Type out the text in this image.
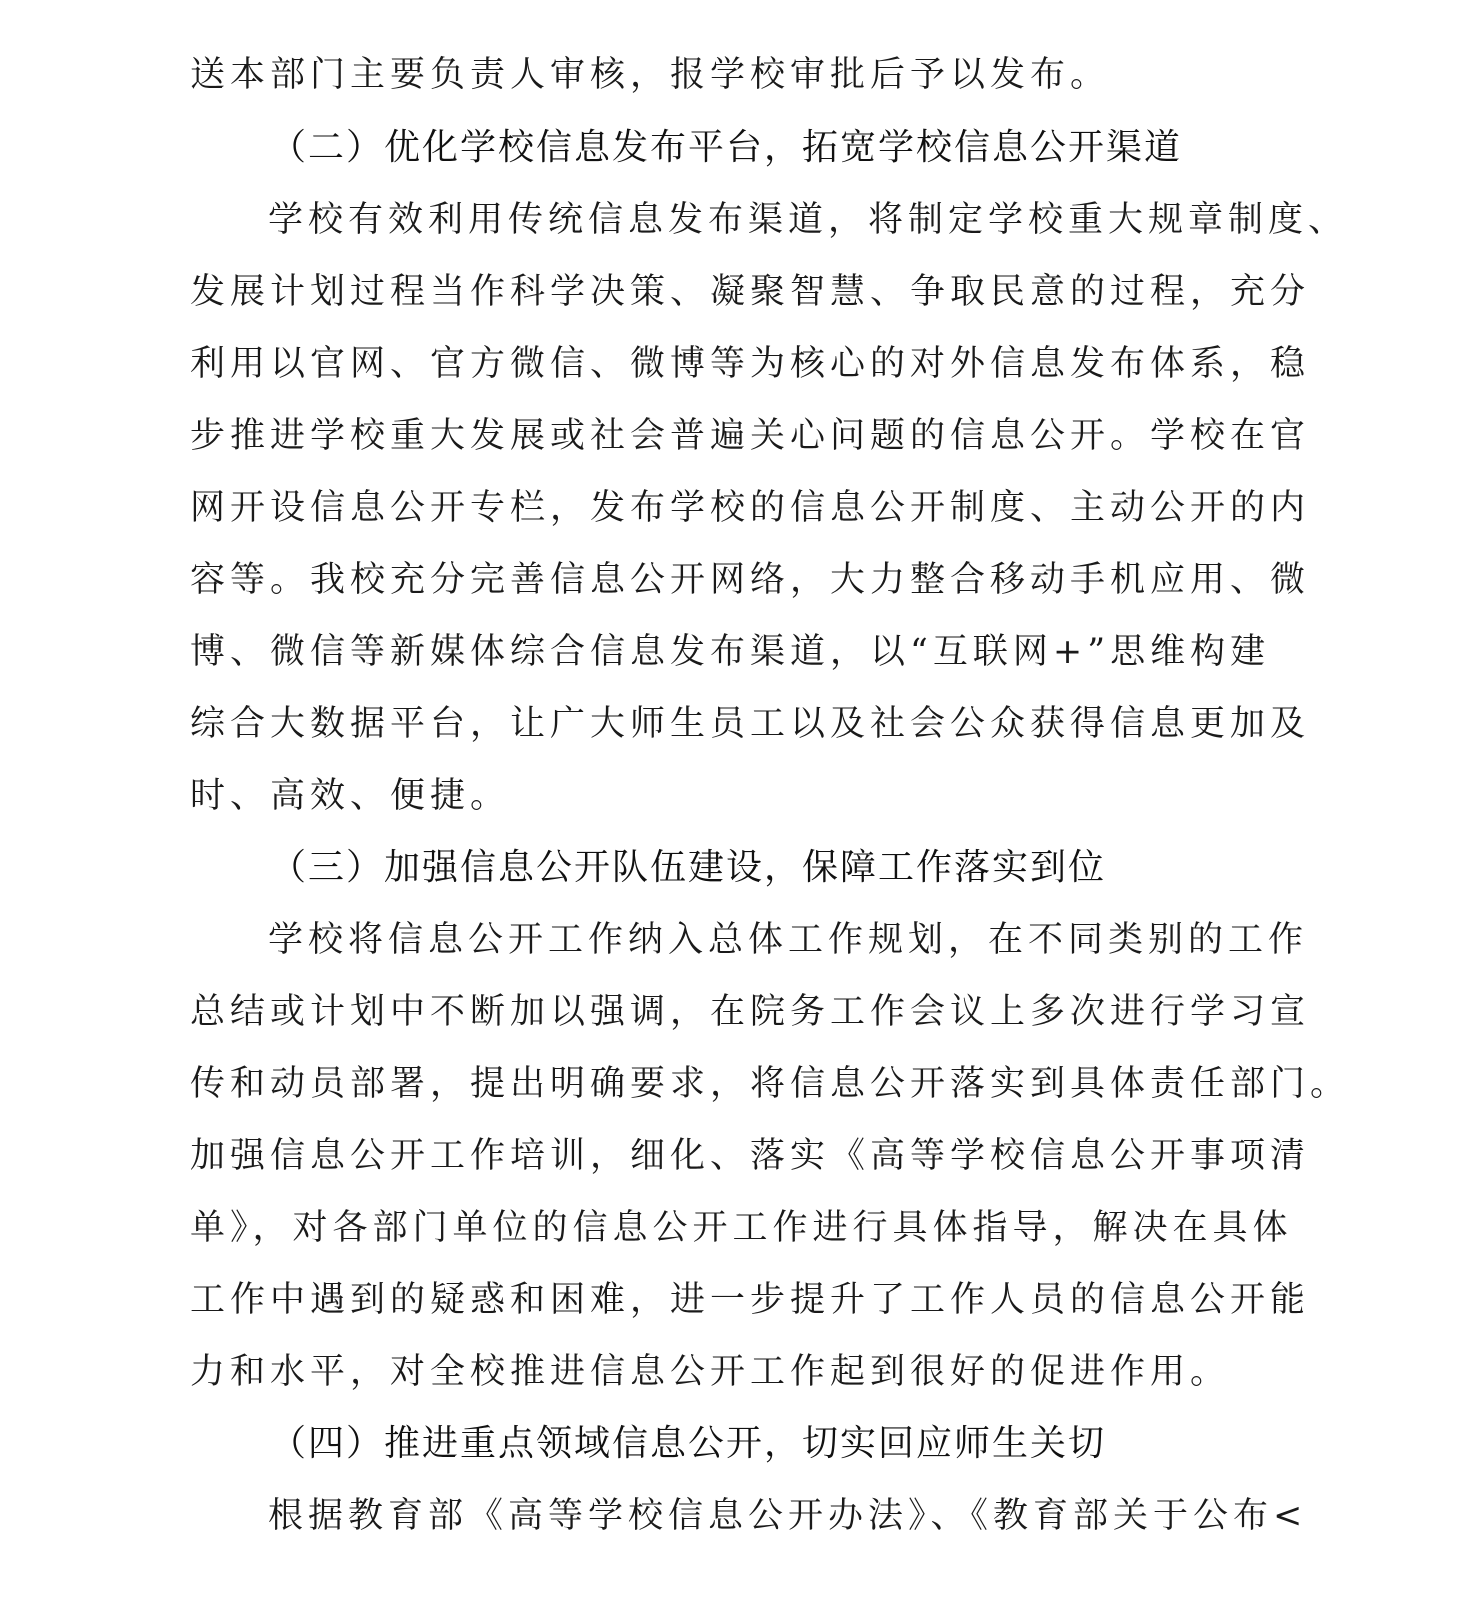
送本部门主要负责人审核，报学校审批后予以发布。
（二）优化学校信息发布平台，拓宽学校信息公开渠道
学校有效利用传统信息发布渠道，将制定学校重大规章制度、
发展计划过程当作科学决策、凝聚智慧、争取民意的过程，充分
利用以官网、官方微信、微博等为核心的对外信息发布体系，稳
步推进学校重大发展或社会普遍关心问题的信息公开。学校在官
网开设信息公开专栏，发布学校的信息公开制度、主动公开的内
容等。我校充分完善信息公开网络，大力整合移动手机应用、微
博、微信等新媒体综合信息发布渠道，以“互联网+”思维构建
综合大数据平台，让广大师生员工以及社会公众获得信息更加及
时、高效、便捷。
（三）加强信息公开队伍建设，保障工作落实到位
学校将信息公开工作纳入总体工作规划，在不同类别的工作
总结或计划中不断加以强调，在院务工作会议上多次进行学习宣
传和动员部署，提出明确要求，将信息公开落实到具体责任部门。
加强信息公开工作培训，细化、落实《高等学校信息公开事项清
单》，对各部门单位的信息公开工作进行具体指导，解决在具体
工作中遇到的疑惑和困难，进一步提升了工作人员的信息公开能
力和水平，对全校推进信息公开工作起到很好的促进作用。
（四）推进重点领域信息公开，切实回应师生关切
根据教育部《高等学校信息公开办法》、《教育部关于公布<
